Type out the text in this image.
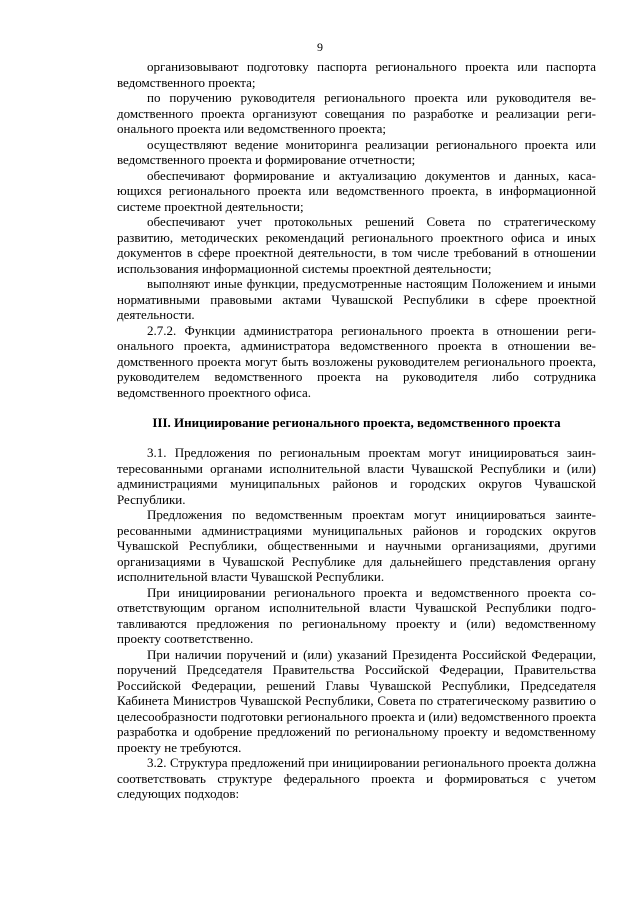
9

организовывают подготовку паспорта регионального проекта или паспорта ведомственного проекта;

по поручению руководителя регионального проекта или руководителя ведомственного проекта организуют совещания по разработке и реализации регионального проекта или ведомственного проекта;

осуществляют ведение мониторинга реализации регионального проекта или ведомственного проекта и формирование отчетности;

обеспечивают формирование и актуализацию документов и данных, касающихся регионального проекта или ведомственного проекта, в информационной системе проектной деятельности;

обеспечивают учет протокольных решений Совета по стратегическому развитию, методических рекомендаций регионального проектного офиса и иных документов в сфере проектной деятельности, в том числе требований в отношении использования информационной системы проектной деятельности;

выполняют иные функции, предусмотренные настоящим Положением и иными нормативными правовыми актами Чувашской Республики в сфере проектной деятельности.

2.7.2. Функции администратора регионального проекта в отношении регионального проекта, администратора ведомственного проекта в отношении ведомственного проекта могут быть возложены руководителем регионального проекта, руководителем ведомственного проекта на руководителя либо сотрудника ведомственного проектного офиса.

III. Инициирование регионального проекта, ведомственного проекта

3.1. Предложения по региональным проектам могут инициироваться заинтересованными органами исполнительной власти Чувашской Республики и (или) администрациями муниципальных районов и городских округов Чувашской Республики.

Предложения по ведомственным проектам могут инициироваться заинтересованными администрациями муниципальных районов и городских округов Чувашской Республики, общественными и научными организациями, другими организациями в Чувашской Республике для дальнейшего представления органу исполнительной власти Чувашской Республики.

При инициировании регионального проекта и ведомственного проекта соответствующим органом исполнительной власти Чувашской Республики подготавливаются предложения по региональному проекту и (или) ведомственному проекту соответственно.

При наличии поручений и (или) указаний Президента Российской Федерации, поручений Председателя Правительства Российской Федерации, Правительства Российской Федерации, решений Главы Чувашской Республики, Председателя Кабинета Министров Чувашской Республики, Совета по стратегическому развитию о целесообразности подготовки регионального проекта и (или) ведомственного проекта разработка и одобрение предложений по региональному проекту и ведомственному проекту не требуются.

3.2. Структура предложений при инициировании регионального проекта должна соответствовать структуре федерального проекта и формироваться с учетом следующих подходов:
